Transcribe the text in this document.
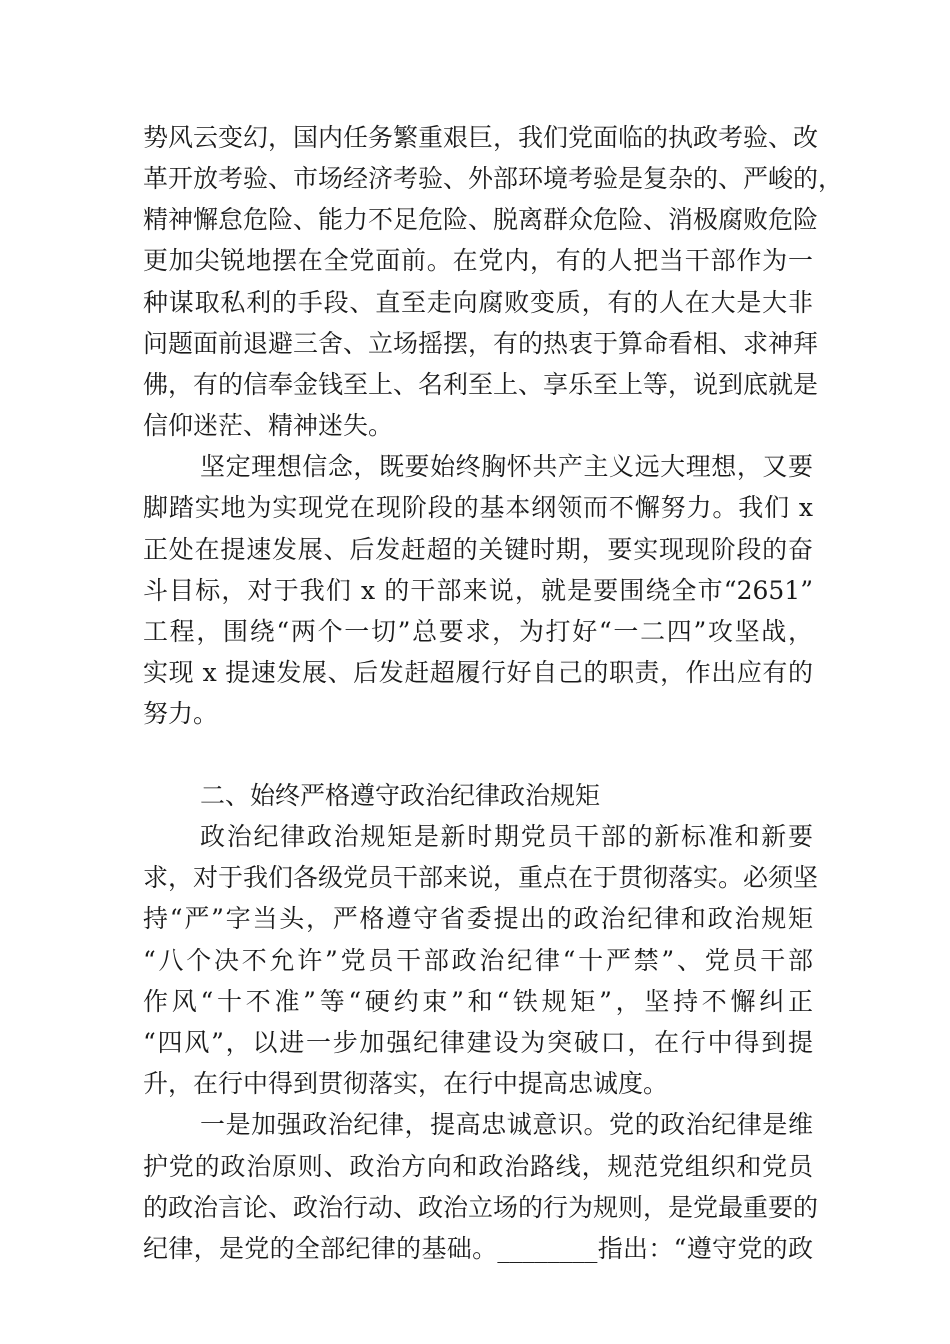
势风云变幻，国内任务繁重艰巨，我们党面临的执政考验、改
革开放考验、市场经济考验、外部环境考验是复杂的、严峻的，
精神懈怠危险、能力不足危险、脱离群众危险、消极腐败危险
更加尖锐地摆在全党面前。在党内，有的人把当干部作为一
种谋取私利的手段、直至走向腐败变质，有的人在大是大非
问题面前退避三舍、立场摇摆，有的热衷于算命看相、求神拜
佛，有的信奉金钱至上、名利至上、享乐至上等，说到底就是
信仰迷茫、精神迷失。
坚定理想信念，既要始终胸怀共产主义远大理想，又要
脚踏实地为实现党在现阶段的基本纲领而不懈努力。我们 x
正处在提速发展、后发赶超的关键时期，要实现现阶段的奋
斗目标，对于我们 x 的干部来说，就是要围绕全市“2651”
工程，围绕“两个一切”总要求，为打好“一二四”攻坚战，
实现 x 提速发展、后发赶超履行好自己的职责，作出应有的
努力。
二、始终严格遵守政治纪律政治规矩
政治纪律政治规矩是新时期党员干部的新标准和新要
求，对于我们各级党员干部来说，重点在于贯彻落实。必须坚
持“严”字当头，严格遵守省委提出的政治纪律和政治规矩
“八个决不允许”党员干部政治纪律“十严禁”、党员干部
作风“十不准”等“硬约束”和“铁规矩”，坚持不懈纠正
“四风”，以进一步加强纪律建设为突破口，在行中得到提
升，在行中得到贯彻落实，在行中提高忠诚度。
一是加强政治纪律，提高忠诚意识。党的政治纪律是维
护党的政治原则、政治方向和政治路线，规范党组织和党员
的政治言论、政治行动、政治立场的行为规则，是党最重要的
纪律，是党的全部纪律的基础。________指出：“遵守党的政
